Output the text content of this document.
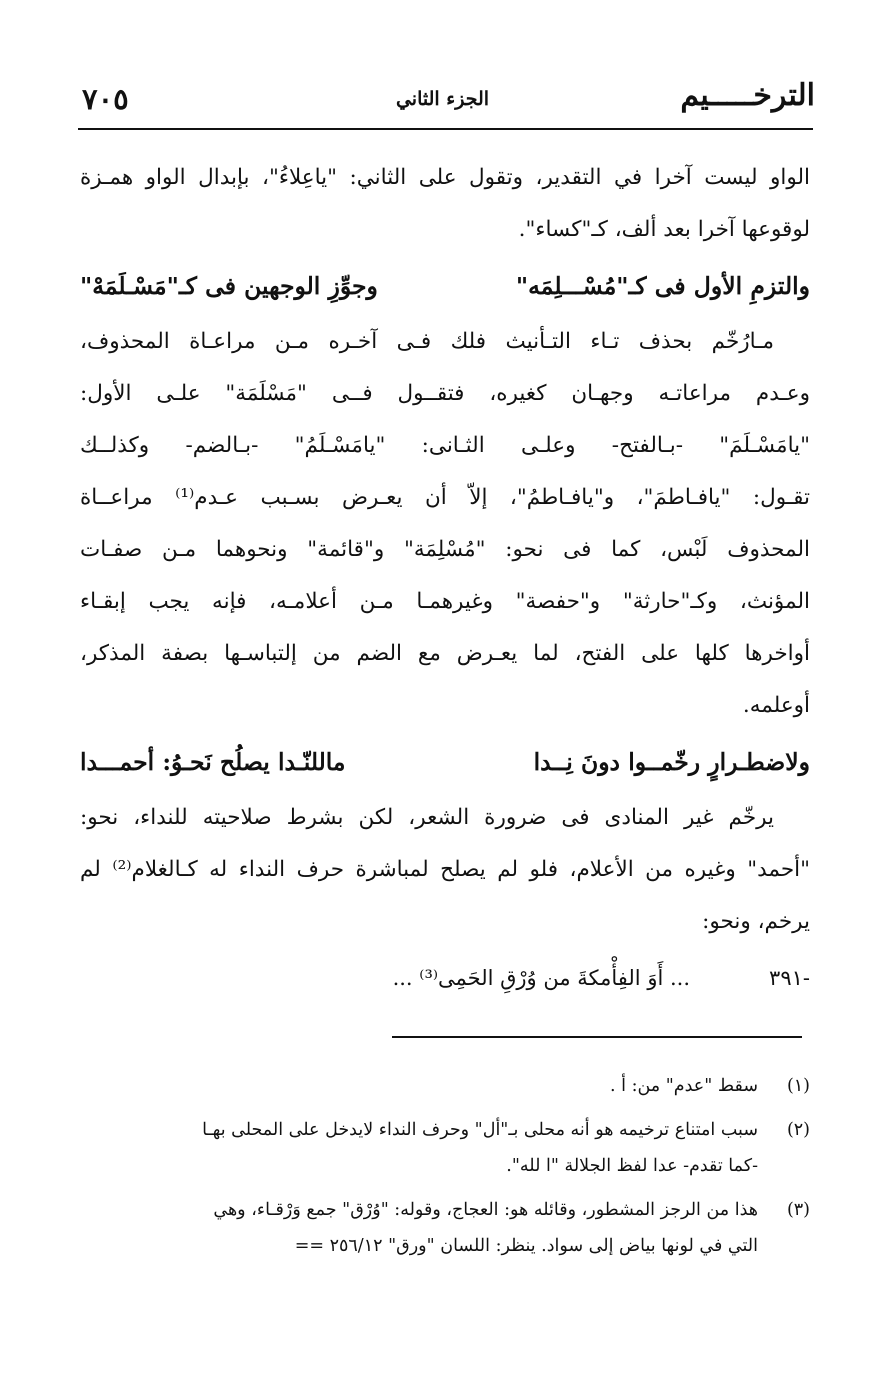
الترخـــــيم
الجزء الثاني
٧٠٥
الواو ليست آخرا في التقدير، وتقول على الثاني: "ياعِلاءُ"، بإبدال الواو همـزة
لوقوعها آخرا بعد ألف، كـ"كساء".
والتزمِ الأول فى كـ"مُسْـــلِمَه"
وجوِّزِ الوجهين فى كـ"مَسْـلَمَهْ"
مـارُخّم بحذف تـاء التـأنيث فلك فـى آخـره مـن مراعـاة المحذوف،
وعـدم مراعاتـه وجهـان كغيره، فتقــول فــى "مَسْلَمَة" علـى الأول:
"يامَسْـلَمَ" -بـالفتح- وعلـى الثـانى: "يامَسْـلَمُ" -بـالضم- وكذلــك
تقـول: "يافـاطمَ"، و"يافـاطمُ"، إلاّ أن يعـرض بسـبب عـدم⁽¹⁾ مراعــاة
المحذوف لَبْس، كما فى نحو: "مُسْلِمَة" و"قائمة" ونحوهما مـن صفـات
المؤنث، وكـ"حارثة" و"حفصة" وغيرهمـا مـن أعلامـه، فإنه يجب إبقـاء
أواخرها كلها على الفتح، لما يعـرض مع الضم من إلتباسـها بصفة المذكر،
أوعلمه.
ولاضطـرارٍ رخّمــوا دونَ نِــدا
ماللنّـدا يصلُح نَحـوُ: أحمـــدا
يرخّم غير المنادى فى ضرورة الشعر، لكن بشرط صلاحيته للنداء، نحو:
"أحمد" وغيره من الأعلام، فلو لم يصلح لمباشرة حرف النداء له كـالغلام⁽²⁾ لم
يرخم، ونحو:
٣٩١-
... أَوَ الفِأْمكةَ من وُرْقِ الحَمِى⁽³⁾ ...
(١)
سقط "عدم" من: أ .
(٢)
سبب امتناع ترخيمه هو أنه محلى بـ"أل" وحرف النداء لايدخل على المحلى بهـا
-كما تقدم- عدا لفظ الجلالة "ا لله".
(٣)
هذا من الرجز المشطور، وقائله هو: العجاج، وقوله: "وُرْق" جمع وَرْقـاء، وهي
التي في لونها بياض إلى سواد. ينظر: اللسان "ورق" ٢٥٦/١٢ ==
